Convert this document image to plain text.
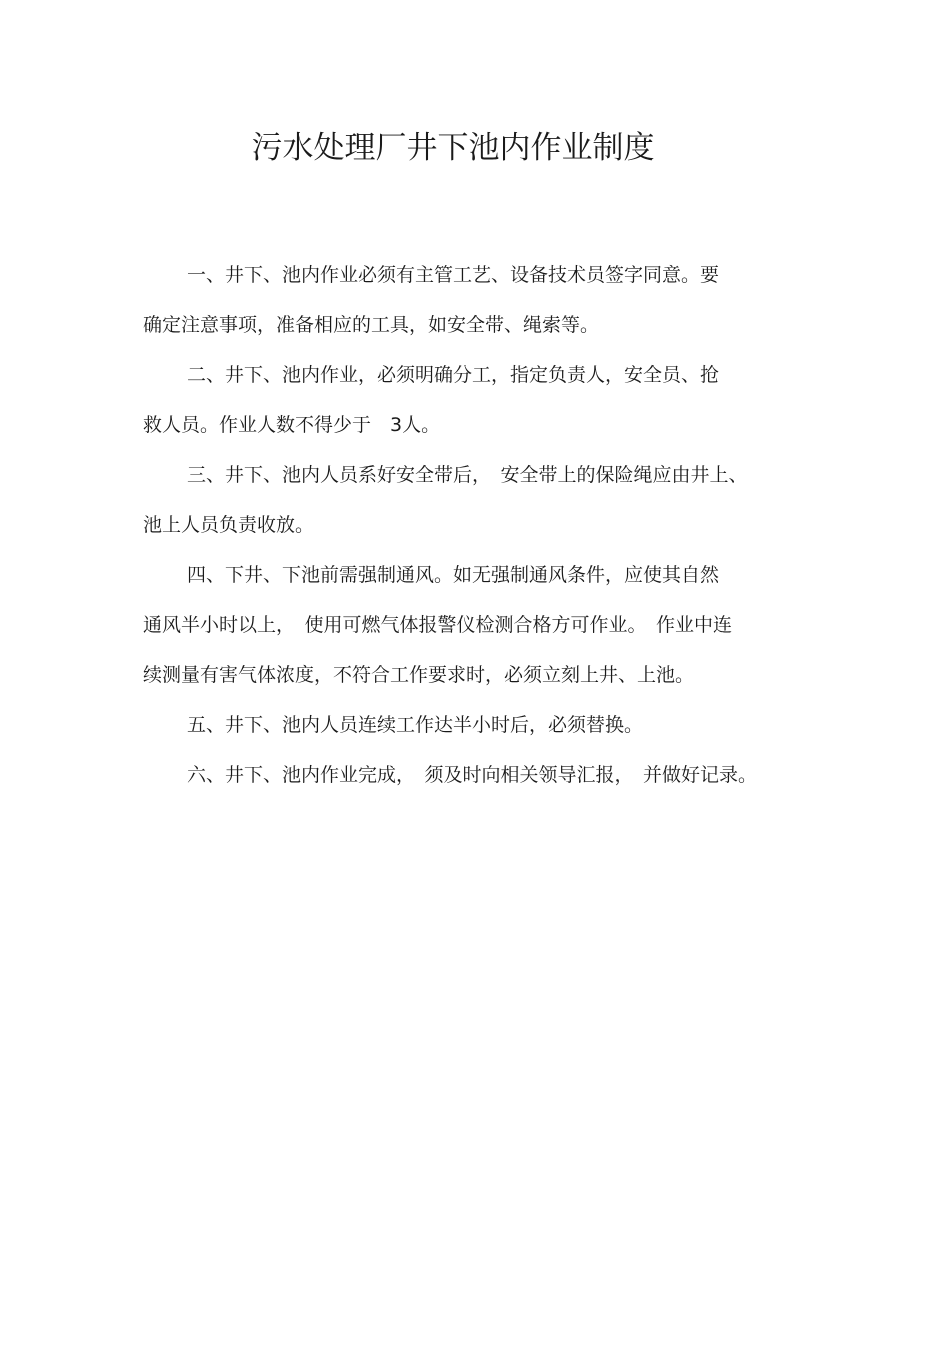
污水处理厂井下池内作业制度

一、井下、池内作业必须有主管工艺、设备技术员签字同意。要
确定注意事项，准备相应的工具，如安全带、绳索等。

二、井下、池内作业，必须明确分工，指定负责人，安全员、抢
救人员。作业人数不得少于　3人。

三、井下、池内人员系好安全带后，　安全带上的保险绳应由井上、
池上人员负责收放。

四、下井、下池前需强制通风。如无强制通风条件，应使其自然
通风半小时以上，　使用可燃气体报警仪检测合格方可作业。　作业中连
续测量有害气体浓度，不符合工作要求时，必须立刻上井、上池。

五、井下、池内人员连续工作达半小时后，必须替换。

六、井下、池内作业完成，　须及时向相关领导汇报，　并做好记录。
